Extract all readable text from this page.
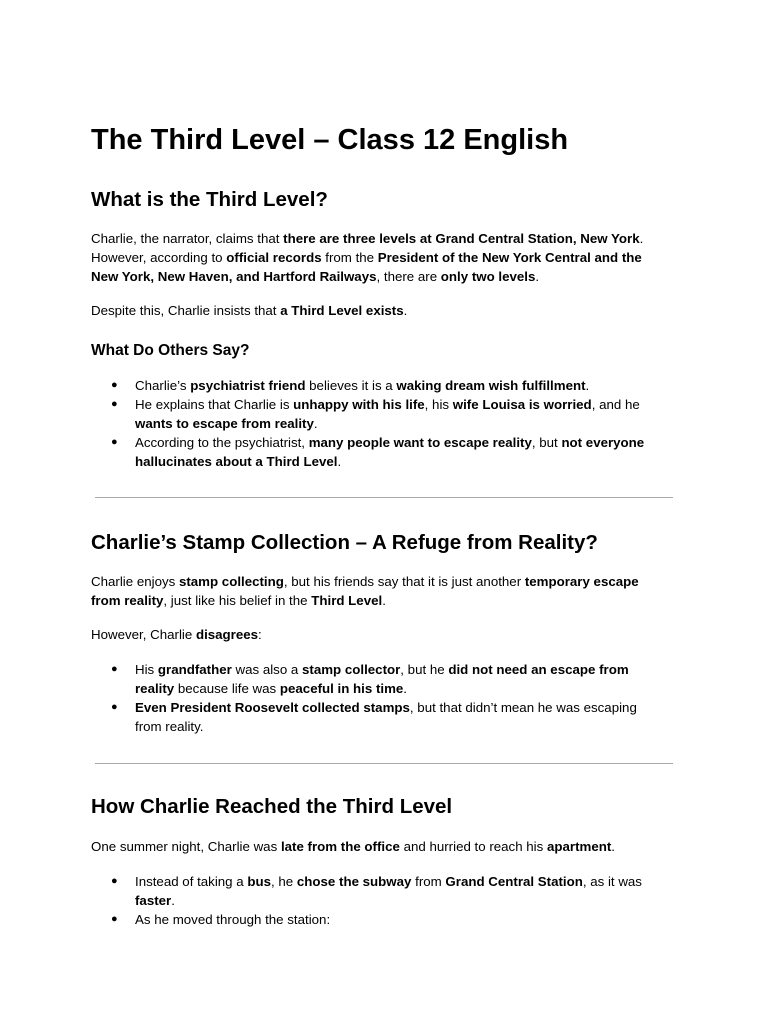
The Third Level – Class 12 English
What is the Third Level?

Charlie, the narrator, claims that there are three levels at Grand Central Station, New York.
However, according to official records from the President of the New York Central and the
New York, New Haven, and Hartford Railways, there are only two levels.

Despite this, Charlie insists that a Third Level exists.

What Do Others Say?
● Charlie’s psychiatrist friend believes it is a waking dream wish fulfillment.
● He explains that Charlie is unhappy with his life, his wife Louisa is worried, and he
wants to escape from reality.
● According to the psychiatrist, many people want to escape reality, but not everyone
hallucinates about a Third Level.
Charlie’s Stamp Collection – A Refuge from Reality?

Charlie enjoys stamp collecting, but his friends say that it is just another temporary escape
from reality, just like his belief in the Third Level.

However, Charlie disagrees:

● His grandfather was also a stamp collector, but he did not need an escape from
reality because life was peaceful in his time.
● Even President Roosevelt collected stamps, but that didn’t mean he was escaping
from reality.
How Charlie Reached the Third Level

One summer night, Charlie was late from the office and hurried to reach his apartment.

● Instead of taking a bus, he chose the subway from Grand Central Station, as it was
faster.
● As he moved through the station:
